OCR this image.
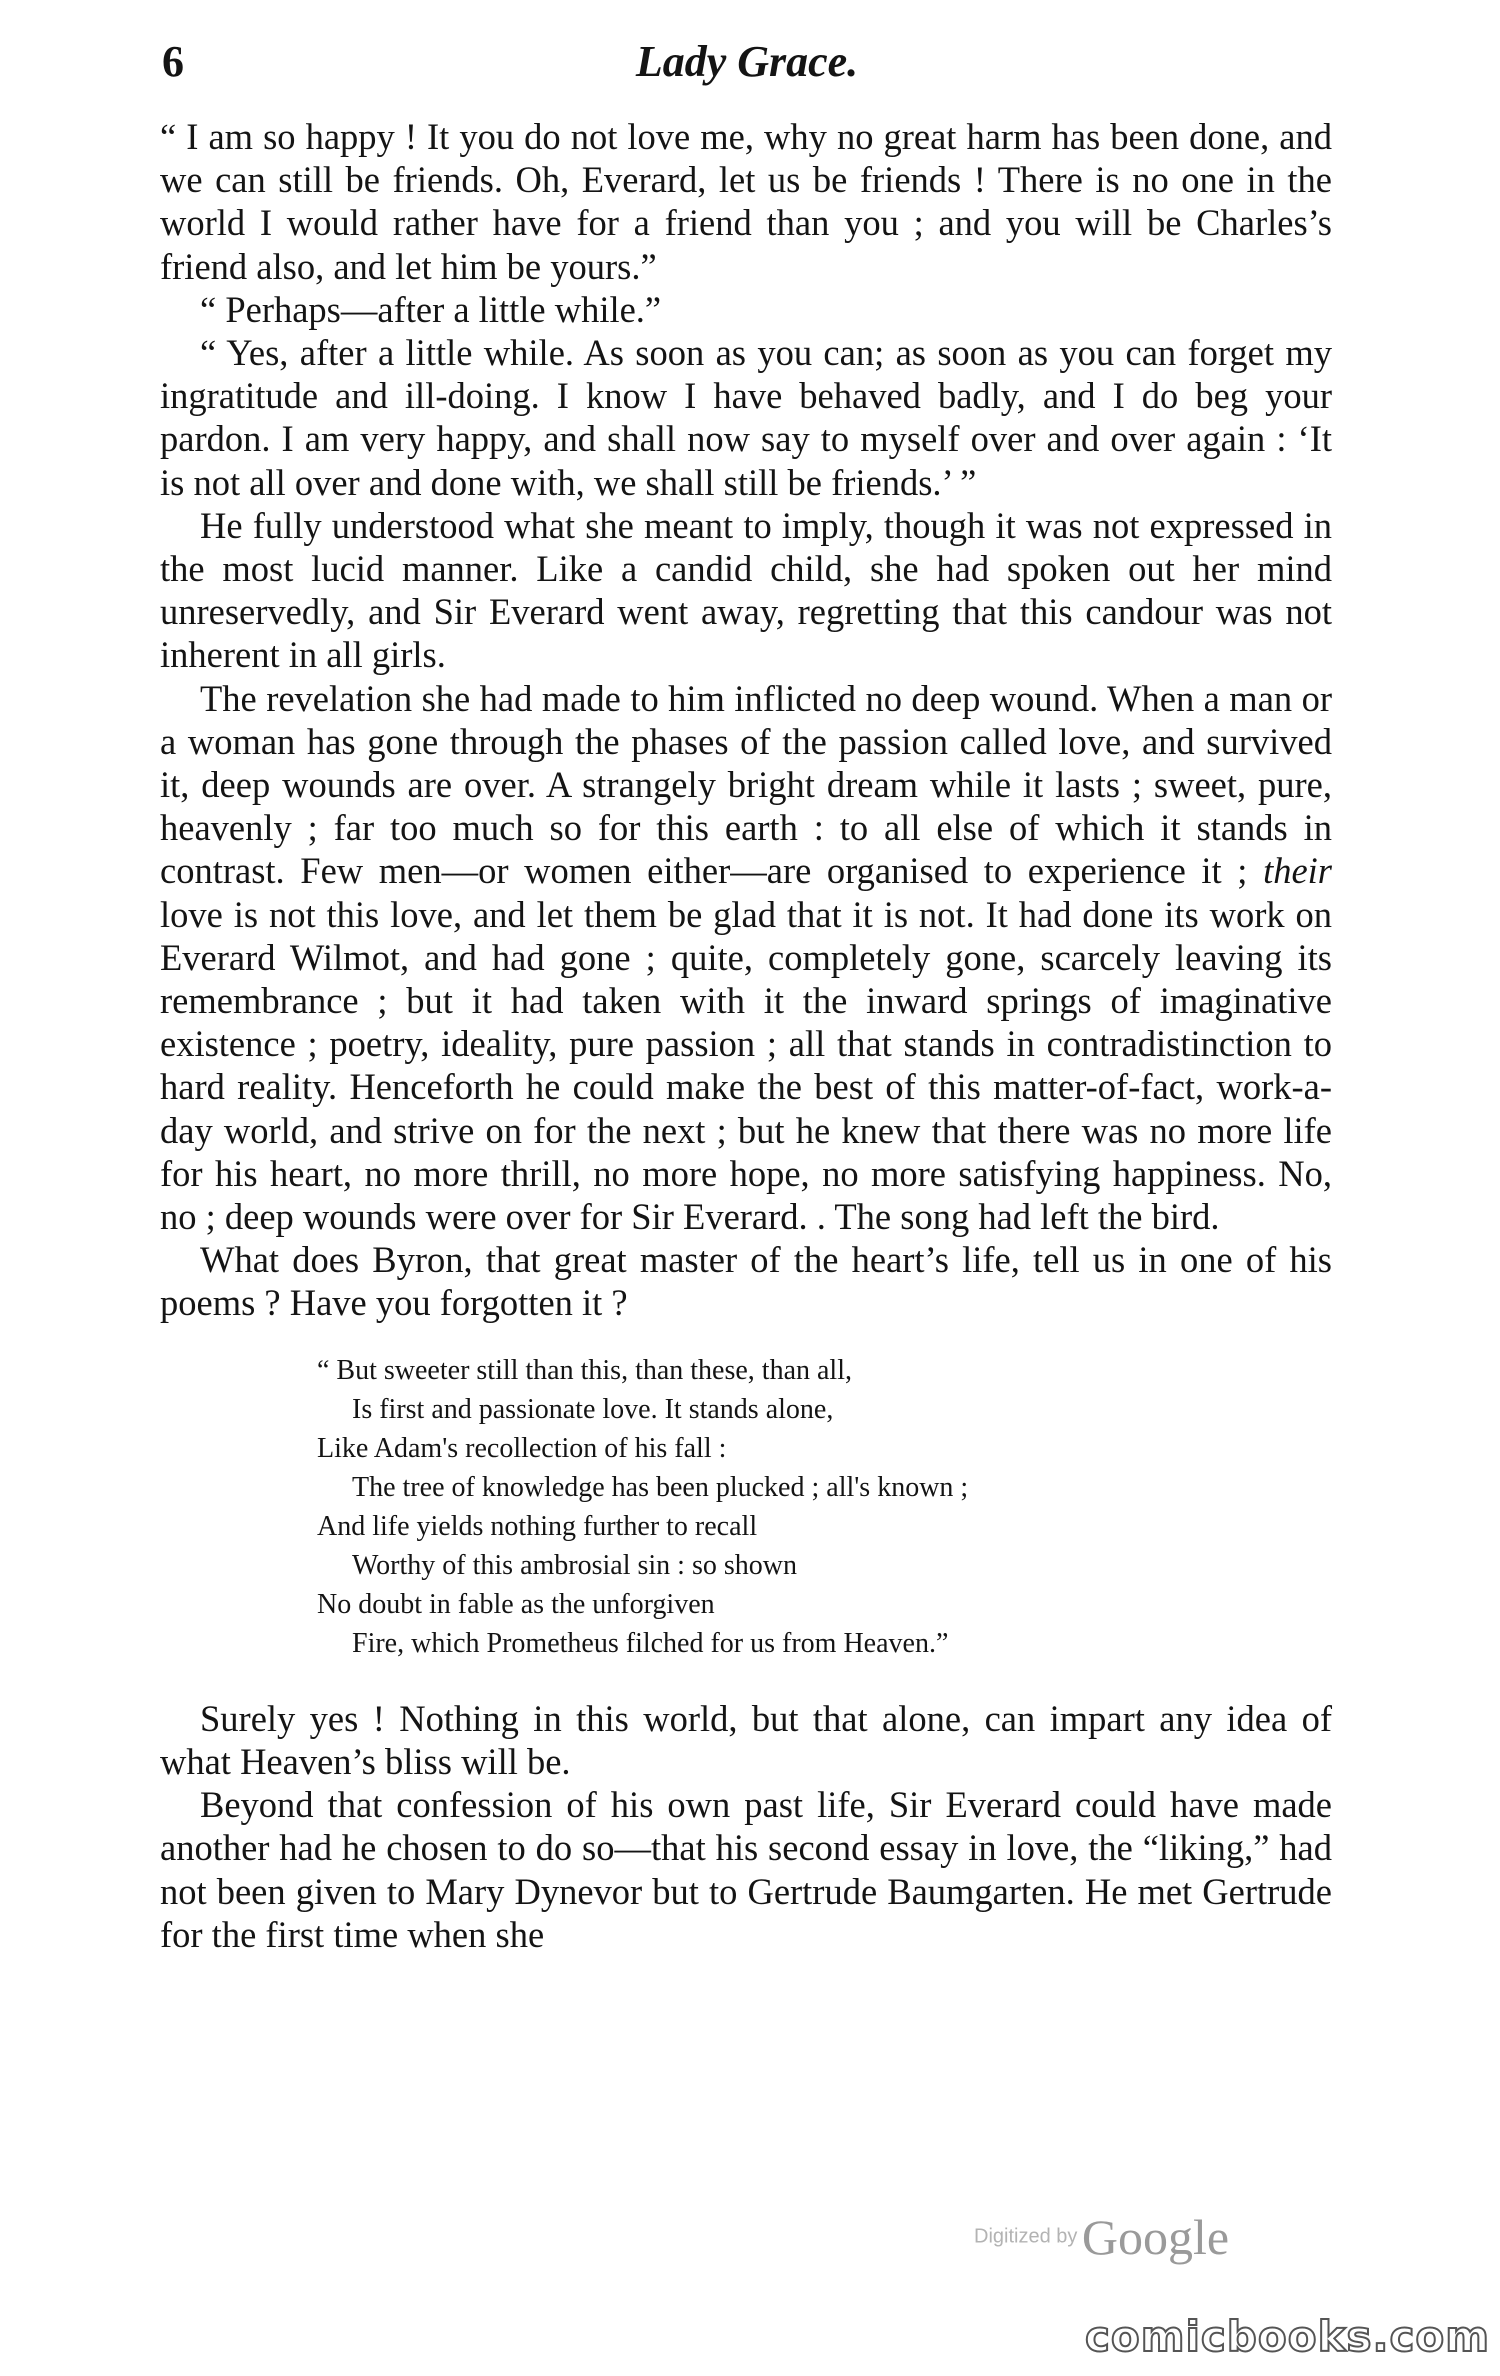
6	Lady Grace.

“ I am so happy ! It you do not love me, why no great harm has been done, and we can still be friends. Oh, Everard, let us be friends ! There is no one in the world I would rather have for a friend than you ; and you will be Charles’s friend also, and let him be yours.”

“ Perhaps—after a little while.”

“ Yes, after a little while. As soon as you can; as soon as you can forget my ingratitude and ill-doing. I know I have behaved badly, and I do beg your pardon. I am very happy, and shall now say to myself over and over again : ‘It is not all over and done with, we shall still be friends.’ ”

He fully understood what she meant to imply, though it was not expressed in the most lucid manner. Like a candid child, she had spoken out her mind unreservedly, and Sir Everard went away, regretting that this candour was not inherent in all girls.

The revelation she had made to him inflicted no deep wound. When a man or a woman has gone through the phases of the passion called love, and survived it, deep wounds are over. A strangely bright dream while it lasts ; sweet, pure, heavenly ; far too much so for this earth : to all else of which it stands in contrast. Few men—or women either—are organised to experience it ; their love is not this love, and let them be glad that it is not. It had done its work on Everard Wilmot, and had gone ; quite, completely gone, scarcely leaving its remembrance ; but it had taken with it the inward springs of imaginative existence ; poetry, ideality, pure passion ; all that stands in contradistinction to hard reality. Henceforth he could make the best of this matter-of-fact, work-a-day world, and strive on for the next ; but he knew that there was no more life for his heart, no more thrill, no more hope, no more satisfying happiness. No, no ; deep wounds were over for Sir Everard. . The song had left the bird.

What does Byron, that great master of the heart’s life, tell us in one of his poems ? Have you forgotten it ?

“ But sweeter still than this, than these, than all,
Is first and passionate love. It stands alone,
Like Adam's recollection of his fall :
The tree of knowledge has been plucked ; all's known ;
And life yields nothing further to recall
Worthy of this ambrosial sin : so shown
No doubt in fable as the unforgiven
Fire, which Prometheus filched for us from Heaven.”

Surely yes ! Nothing in this world, but that alone, can impart any idea of what Heaven’s bliss will be.

Beyond that confession of his own past life, Sir Everard could have made another had he chosen to do so—that his second essay in love, the “liking,” had not been given to Mary Dynevor but to Gertrude Baumgarten. He met Gertrude for the first time when she

Digitized by Google
comicbooks.com
